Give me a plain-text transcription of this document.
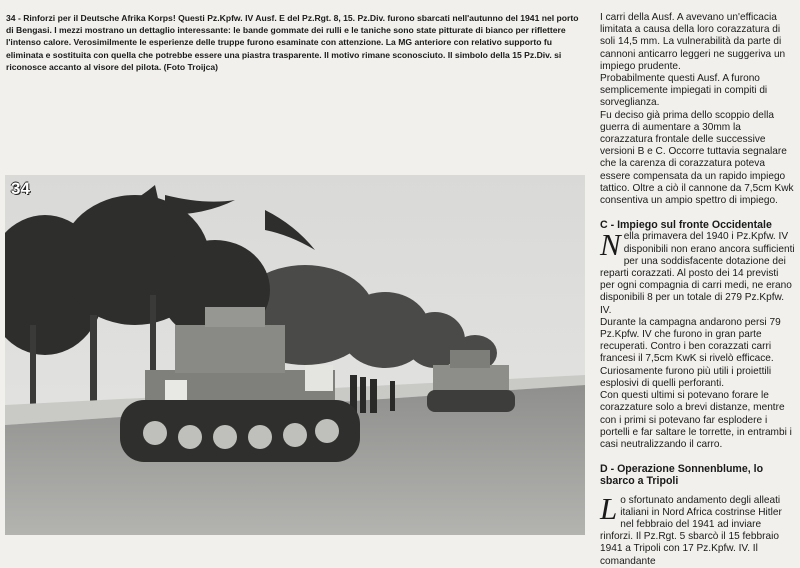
34 - Rinforzi per il Deutsche Afrika Korps! Questi Pz.Kpfw. IV Ausf. E del Pz.Rgt. 8, 15. Pz.Div. furono sbarcati nell'autunno del 1941 nel porto di Bengasi. I mezzi mostrano un dettaglio interessante: le bande gommate dei rulli e le taniche sono state pitturate di bianco per riflettere l'intenso calore. Verosimilmente le esperienze delle truppe furono esaminate con attenzione. La MG anteriore con relativo supporto fu eliminata e sostituita con quella che potrebbe essere una piastra trasparente. Il motivo rimane sconosciuto. Il simbolo della 15 Pz.Div. si riconosce accanto al visore del pilota. (Foto Troijca)

34

I carri della Ausf. A avevano un'efficacia limitata a causa della loro corazzatura di soli 14,5 mm. La vulnerabilità da parte di cannoni anticarro leggeri ne suggeriva un impiego prudente.

Probabilmente questi Ausf. A furono semplicemente impiegati in compiti di sorveglianza.

Fu deciso già prima dello scoppio della guerra di aumentare a 30mm la corazzatura frontale delle successive versioni B e C. Occorre tuttavia segnalare che la carenza di corazzatura poteva essere compensata da un rapido impiego tattico. Oltre a ciò il cannone da 7,5cm Kwk consentiva un ampio spettro di impiego.

C - Impiego sul fronte Occidentale

N ella primavera del 1940 i Pz.Kpfw. IV disponibili non erano ancora sufficienti per una soddisfacente dotazione dei reparti corazzati. Al posto dei 14 previsti per ogni compagnia di carri medi, ne erano disponibili 8 per un totale di 279 Pz.Kpfw. IV.

Durante la campagna andarono persi 79 Pz.Kpfw. IV che furono in gran parte recuperati. Contro i ben corazzati carri francesi il 7,5cm KwK si rivelò efficace. Curiosamente furono più utili i proiettili esplosivi di quelli perforanti.

Con questi ultimi si potevano forare le corazzature solo a brevi distanze, mentre con i primi si potevano far esplodere i portelli e far saltare le torrette, in entrambi i casi neutralizzando il carro.

D - Operazione Sonnenblume, lo sbarco a Tripoli

L o sfortunato andamento degli alleati italiani in Nord Africa costrinse Hitler nel febbraio del 1941 ad inviare rinforzi. Il Pz.Rgt. 5 sbarcò il 15 febbraio 1941 a Tripoli con 17 Pz.Kpfw. IV. Il comandante
